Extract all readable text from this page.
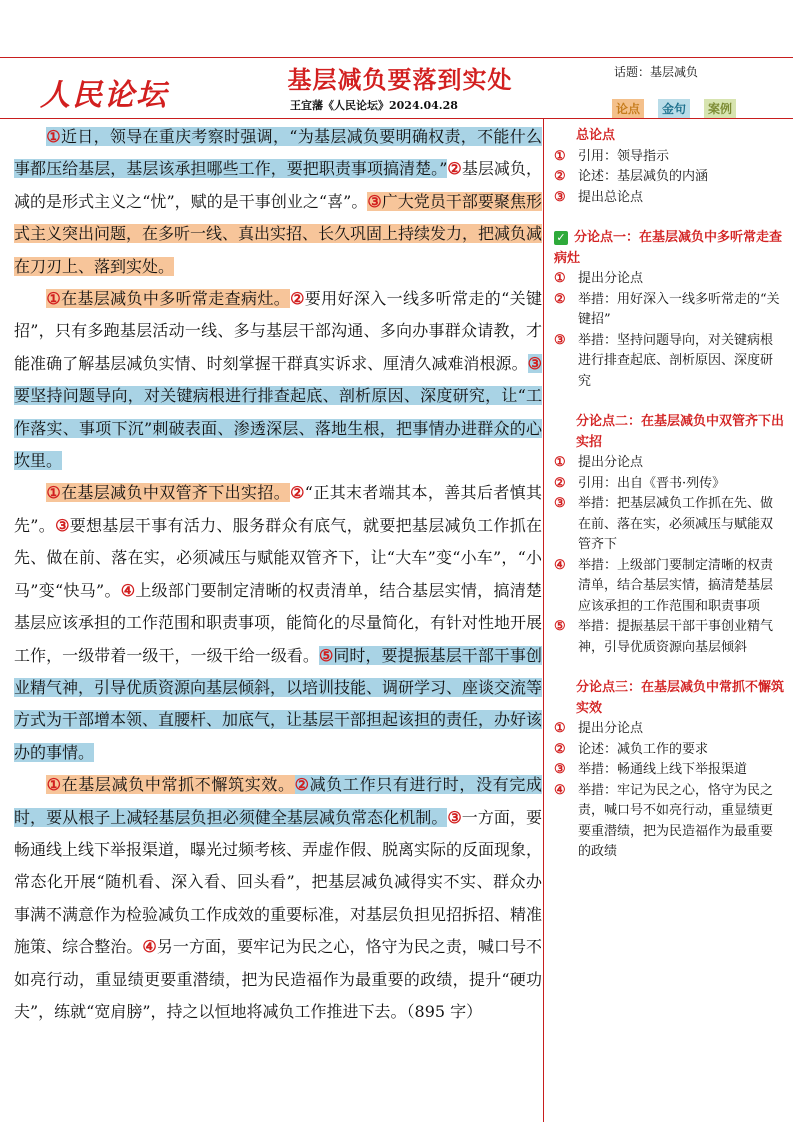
人民论坛	基层减负要落到实处
王宜藩《人民论坛》2024.04.28
话题：基层减负
论点	金句	案例

①近日，领导在重庆考察时强调，“为基层减负要明确权责，不能什么事都压给基层，基层该承担哪些工作，要把职责事项搞清楚。”②基层减负，减的是形式主义之“忧”，赋的是干事创业之“喜”。③广大党员干部要聚焦形式主义突出问题，在多听一线、真出实招、长久巩固上持续发力，把减负减在刀刃上、落到实处。

①在基层减负中多听常走查病灶。②要用好深入一线多听常走的“关键招”，只有多跑基层活动一线、多与基层干部沟通、多向办事群众请教，才能准确了解基层减负实情、时刻掌握干群真实诉求、厘清久减难消根源。③要坚持问题导向，对关键病根进行排查起底、剖析原因、深度研究，让“工作落实、事项下沉”刺破表面、渗透深层、落地生根，把事情办进群众的心坎里。

①在基层减负中双管齐下出实招。②“正其末者端其本，善其后者慎其先”。③要想基层干事有活力、服务群众有底气，就要把基层减负工作抓在先、做在前、落在实，必须减压与赋能双管齐下，让“大车”变“小车”，“小马”变“快马”。④上级部门要制定清晰的权责清单，结合基层实情，搞清楚基层应该承担的工作范围和职责事项，能简化的尽量简化，有针对性地开展工作，一级带着一级干，一级干给一级看。⑤同时，要提振基层干部干事创业精气神，引导优质资源向基层倾斜，以培训技能、调研学习、座谈交流等方式为干部增本领、直腰杆、加底气，让基层干部担起该担的责任，办好该办的事情。

①在基层减负中常抓不懈筑实效。②减负工作只有进行时，没有完成时，要从根子上减轻基层负担必须健全基层减负常态化机制。③一方面，要畅通线上线下举报渠道，曝光过频考核、弄虚作假、脱离实际的反面现象，常态化开展“随机看、深入看、回头看”，把基层减负减得实不实、群众办事满不满意作为检验减负工作成效的重要标准，对基层负担见招拆招、精准施策、综合整治。④另一方面，要牢记为民之心，恪守为民之责，喊口号不如亮行动，重显绩更要重潜绩，把为民造福作为最重要的政绩，提升“硬功夫”，练就“宽肩膀”，持之以恒地将减负工作推进下去。（895 字）

总论点
① 引用：领导指示
② 论述：基层减负的内涵
③ 提出总论点
✓ 分论点一：在基层减负中多听常走查病灶
① 提出分论点
② 举措：用好深入一线多听常走的“关键招”
③ 举措：坚持问题导向，对关键病根进行排查起底、剖析原因、深度研究
分论点二：在基层减负中双管齐下出实招
① 提出分论点
② 引用：出自《晋书·列传》
③ 举措：把基层减负工作抓在先、做在前、落在实，必须减压与赋能双管齐下
④ 举措：上级部门要制定清晰的权责清单，结合基层实情，搞清楚基层应该承担的工作范围和职责事项
⑤ 举措：提振基层干部干事创业精气神，引导优质资源向基层倾斜
分论点三：在基层减负中常抓不懈筑实效
① 提出分论点
② 论述：减负工作的要求
③ 举措：畅通线上线下举报渠道
④ 举措：牢记为民之心，恪守为民之责，喊口号不如亮行动，重显绩更要重潜绩，把为民造福作为最重要的政绩
